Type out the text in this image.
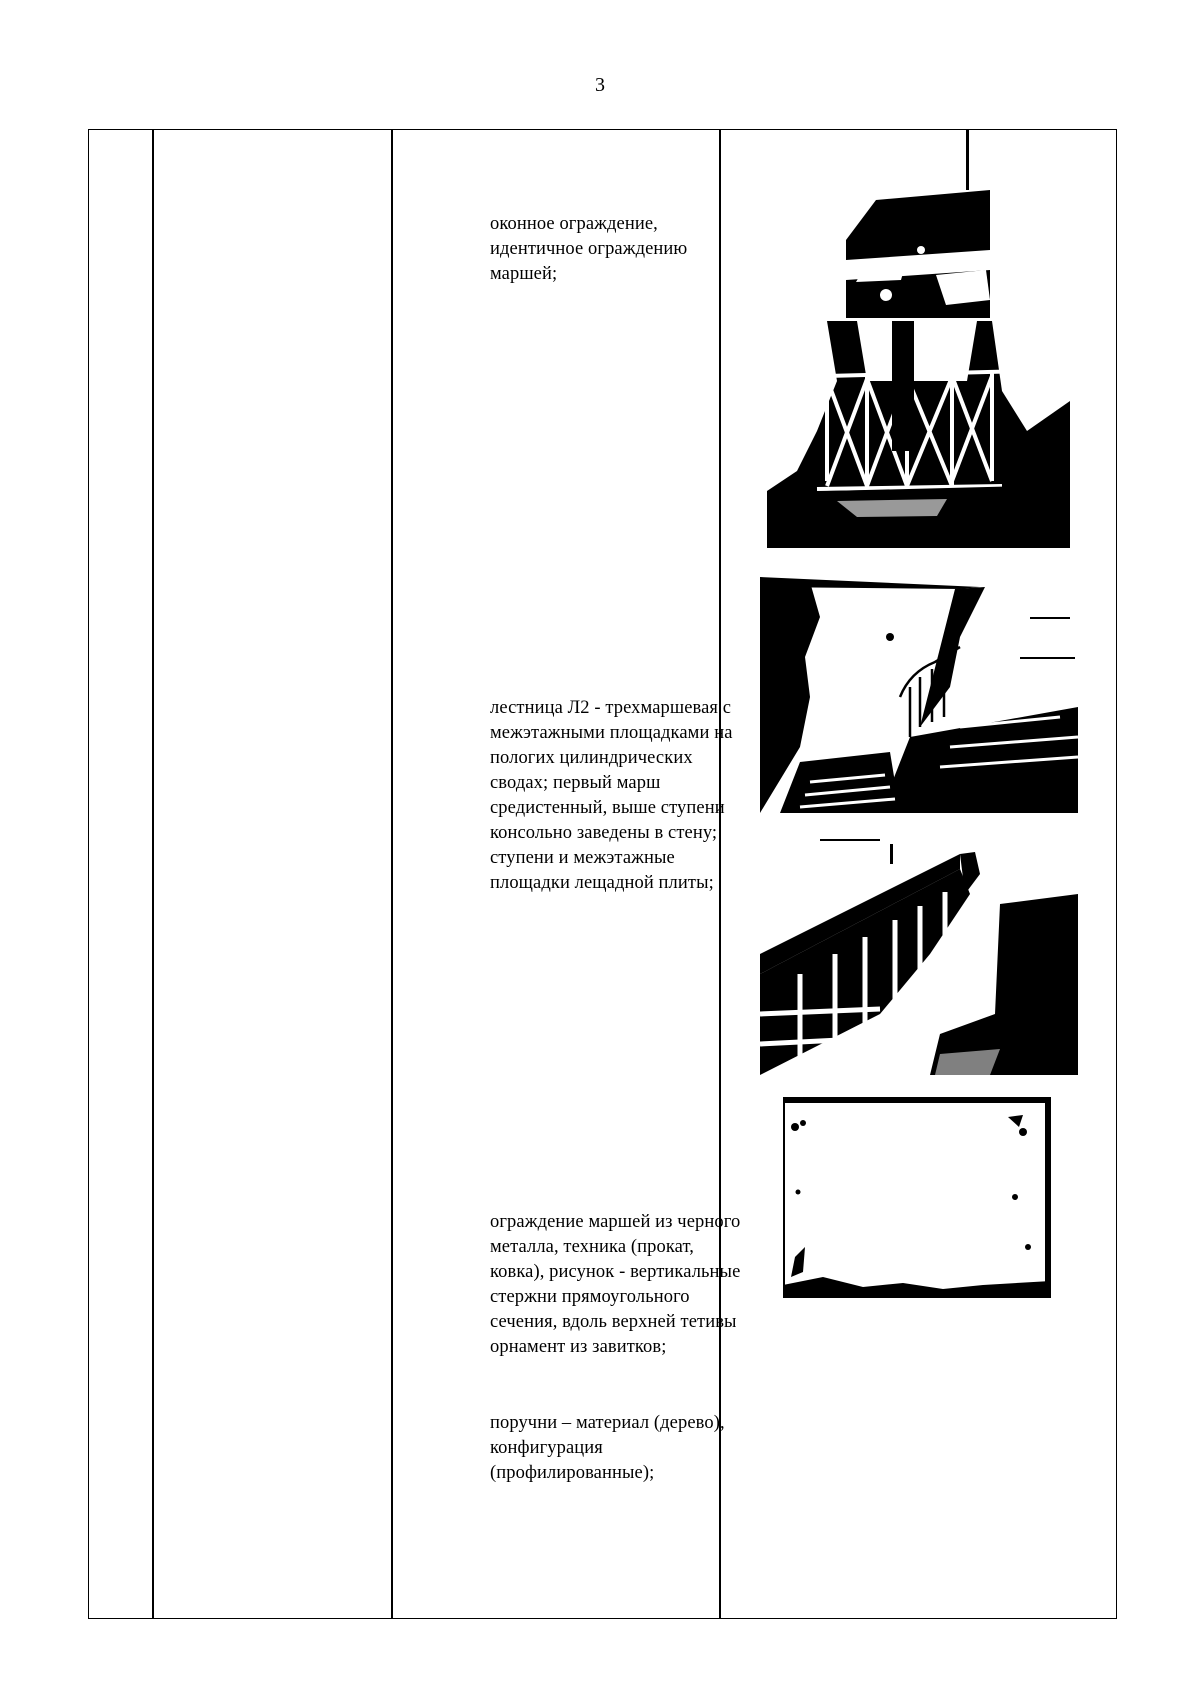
3
оконное ограждение,
идентичное ограждению
маршей;
лестница Л2 - трехмаршевая с
межэтажными площадками на
пологих цилиндрических
сводах; первый марш
средистенный, выше ступени
консольно заведены в стену;
ступени и межэтажные
площадки лещадной плиты;
ограждение маршей из черного
металла, техника (прокат,
ковка), рисунок - вертикальные
стержни прямоугольного
сечения, вдоль верхней тетивы
орнамент из завитков;
поручни – материал (дерево),
конфигурация
(профилированные);
